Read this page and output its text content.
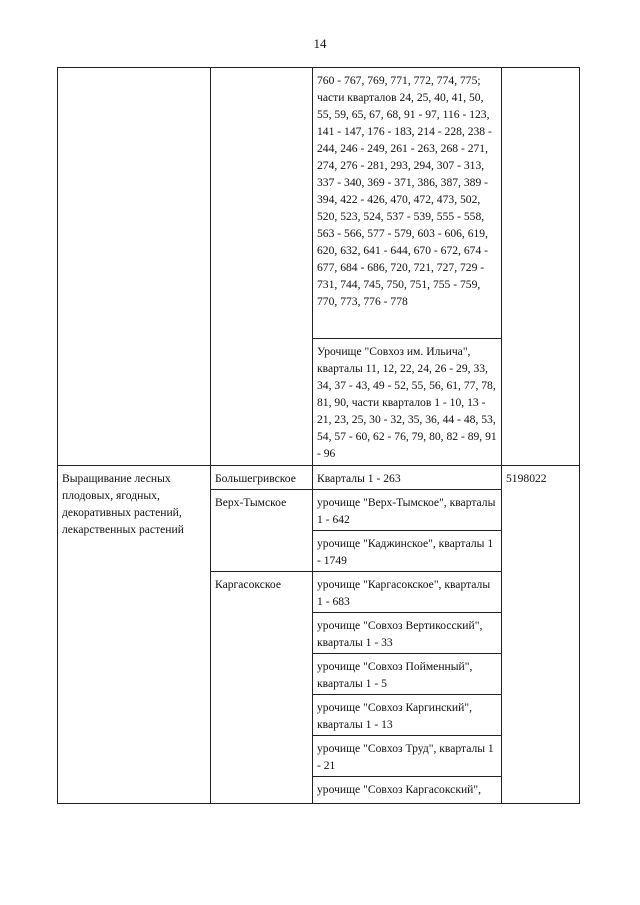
14
		760 - 767, 769, 771, 772, 774, 775; части кварталов 24, 25, 40, 41, 50, 55, 59, 65, 67, 68, 91 - 97, 116 - 123, 141 - 147, 176 - 183, 214 - 228, 238 - 244, 246 - 249, 261 - 263, 268 - 271, 274, 276 - 281, 293, 294, 307 - 313, 337 - 340, 369 - 371, 386, 387, 389 - 394, 422 - 426, 470, 472, 473, 502, 520, 523, 524, 537 - 539, 555 - 558, 563 - 566, 577 - 579, 603 - 606, 619, 620, 632, 641 - 644, 670 - 672, 674 - 677, 684 - 686, 720, 721, 727, 729 - 731, 744, 745, 750, 751, 755 - 759, 770, 773, 776 - 778	
		Урочище "Совхоз им. Ильича", кварталы 11, 12, 22, 24, 26 - 29, 33, 34, 37 - 43, 49 - 52, 55, 56, 61, 77, 78, 81, 90, части кварталов 1 - 10, 13 - 21, 23, 25, 30 - 32, 35, 36, 44 - 48, 53, 54, 57 - 60, 62 - 76, 79, 80, 82 - 89, 91 - 96	
Выращивание лесных плодовых, ягодных, декоративных растений, лекарственных растений	Большегривское	Кварталы 1 - 263	5198022
	Верх-Тымское	урочище "Верх-Тымское", кварталы 1 - 642	
		урочище "Каджинское", кварталы 1 - 1749	
	Каргасокское	урочище "Каргасокское", кварталы 1 - 683	
		урочище "Совхоз Вертикосский", кварталы 1 - 33	
		урочище "Совхоз Пойменный", кварталы 1 - 5	
		урочище "Совхоз Каргинский", кварталы 1 - 13	
		урочище "Совхоз Труд", кварталы 1 - 21	
		урочище "Совхоз Каргасокский",	
